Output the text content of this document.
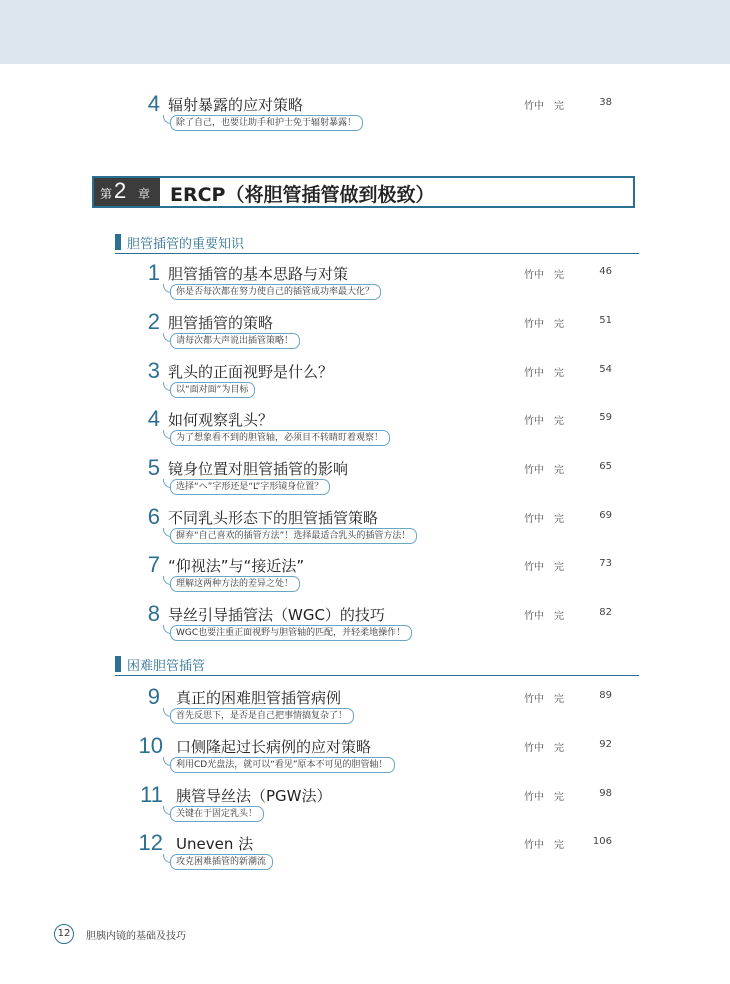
4 辐射暴露的应对策略	竹中　完	38
除了自己，也要让助手和护士免于辐射暴露！
第 2 章 ERCP（将胆管插管做到极致）
胆管插管的重要知识
1 胆管插管的基本思路与对策	竹中　完	46
你是否每次都在努力使自己的插管成功率最大化？
2 胆管插管的策略	竹中　完	51
请每次都大声说出插管策略！
3 乳头的正面视野是什么？	竹中　完	54
以“面对面”为目标
4 如何观察乳头？	竹中　完	59
为了想象看不到的胆管轴，必须目不转睛盯着观察！
5 镜身位置对胆管插管的影响	竹中　完	65
选择“ヘ”字形还是“L”字形镜身位置？
6 不同乳头形态下的胆管插管策略	竹中　完	69
摒弃“自己喜欢的插管方法”！选择最适合乳头的插管方法！
7 “仰视法”与“接近法”	竹中　完	73
理解这两种方法的差异之处！
8 导丝引导插管法（WGC）的技巧	竹中　完	82
WGC也要注重正面视野与胆管轴的匹配，并轻柔地操作！
困难胆管插管
9 真正的困难胆管插管病例	竹中　完	89
首先反思下，是否是自己把事情搞复杂了！
10 口侧隆起过长病例的应对策略	竹中　完	92
利用CD光盘法，就可以“看见”原本不可见的胆管轴！
11 胰管导丝法（PGW法）	竹中　完	98
关键在于固定乳头！
12 Uneven 法	竹中　完	106
攻克困难插管的新潮流
12	胆胰内镜的基础及技巧
